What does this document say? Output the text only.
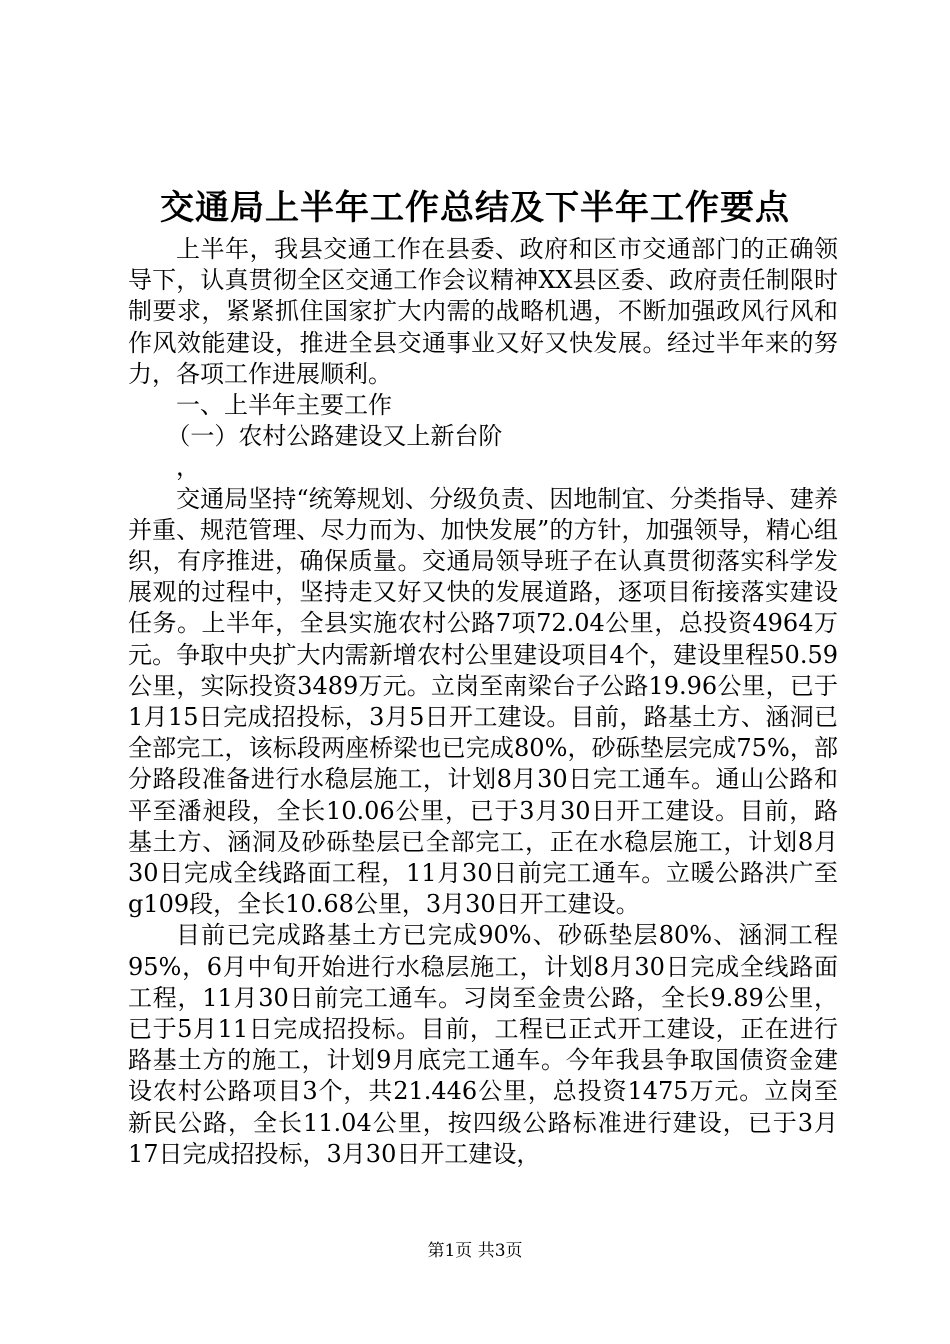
交通局上半年工作总结及下半年工作要点

上半年，我县交通工作在县委、政府和区市交通部门的正确领导下，认真贯彻全区交通工作会议精神XX县区委、政府责任制限时制要求，紧紧抓住国家扩大内需的战略机遇，不断加强政风行风和作风效能建设，推进全县交通事业又好又快发展。经过半年来的努力，各项工作进展顺利。

一、上半年主要工作

（一）农村公路建设又上新台阶

，

交通局坚持“统筹规划、分级负责、因地制宜、分类指导、建养并重、规范管理、尽力而为、加快发展”的方针，加强领导，精心组织，有序推进，确保质量。交通局领导班子在认真贯彻落实科学发展观的过程中，坚持走又好又快的发展道路，逐项目衔接落实建设任务。上半年，全县实施农村公路7项72.04公里，总投资4964万元。争取中央扩大内需新增农村公里建设项目4个，建设里程50.59公里，实际投资3489万元。立岗至南梁台子公路19.96公里，已于1月15日完成招投标，3月5日开工建设。目前，路基土方、涵洞已全部完工，该标段两座桥梁也已完成80%，砂砾垫层完成75%，部分路段准备进行水稳层施工，计划8月30日完工通车。通山公路和平至潘昶段，全长10.06公里，已于3月30日开工建设。目前，路基土方、涵洞及砂砾垫层已全部完工，正在水稳层施工，计划8月30日完成全线路面工程，11月30日前完工通车。立暖公路洪广至g109段，全长10.68公里，3月30日开工建设。

目前已完成路基土方已完成90%、砂砾垫层80%、涵洞工程95%，6月中旬开始进行水稳层施工，计划8月30日完成全线路面工程，11月30日前完工通车。习岗至金贵公路，全长9.89公里，已于5月11日完成招投标。目前，工程已正式开工建设，正在进行路基土方的施工，计划9月底完工通车。今年我县争取国债资金建设农村公路项目3个，共21.446公里，总投资1475万元。立岗至新民公路，全长11.04公里，按四级公路标准进行建设，已于3月17日完成招投标，3月30日开工建设，

第1页 共3页
